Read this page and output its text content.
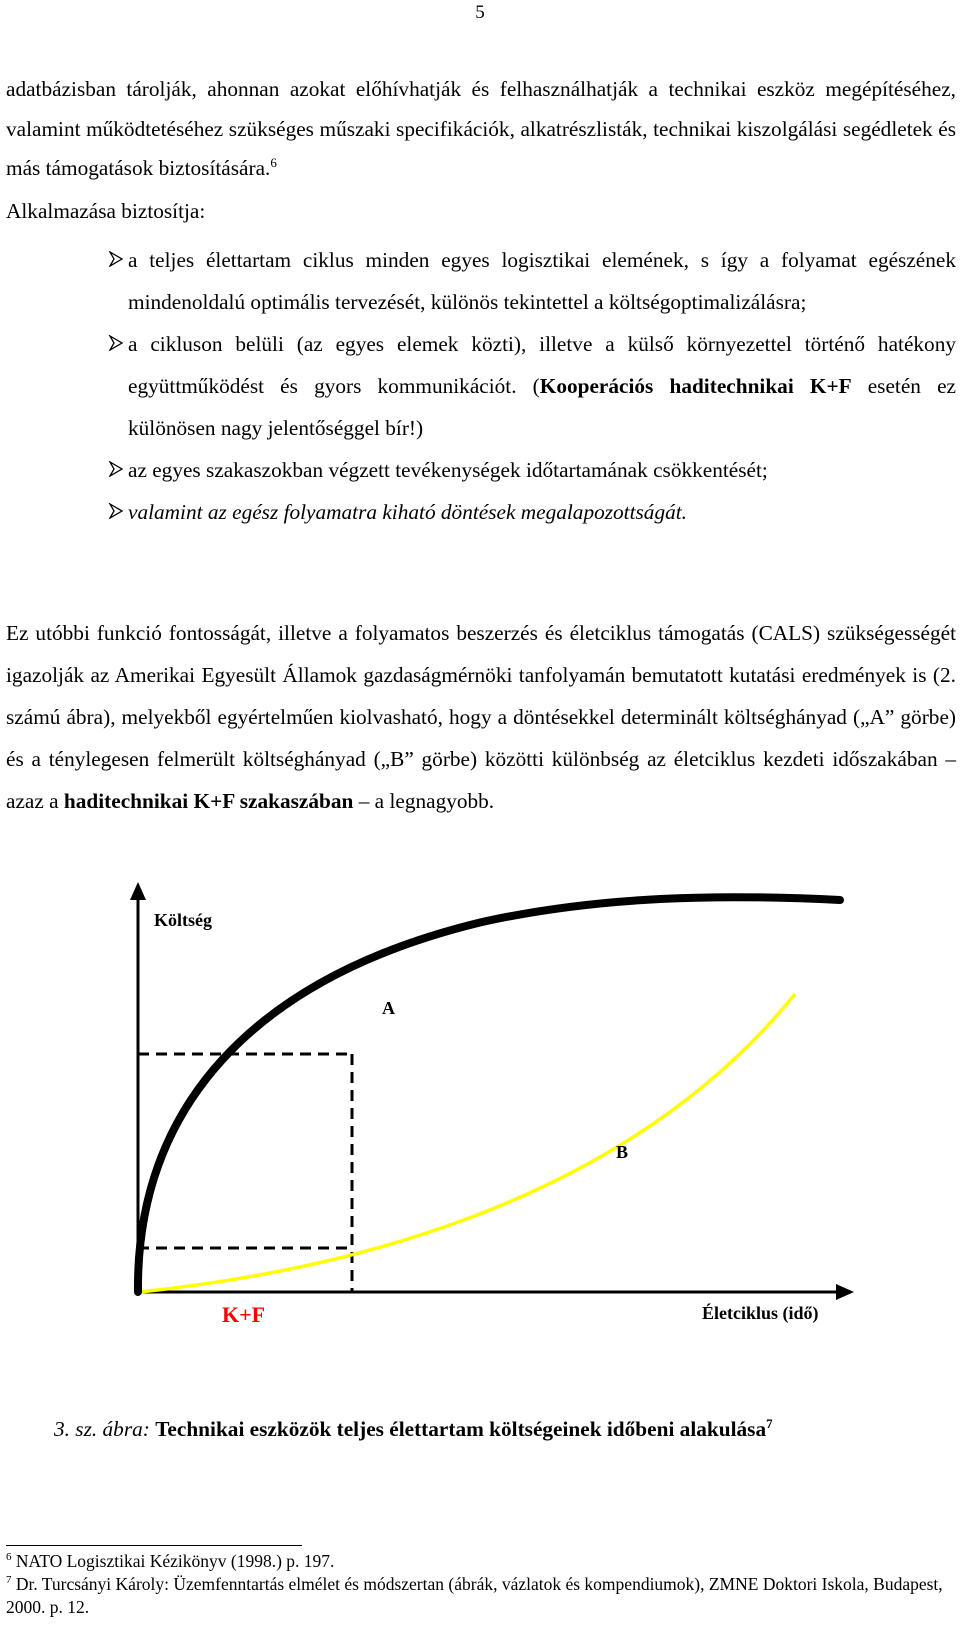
5

adatbázisban tárolják, ahonnan azokat előhívhatják és felhasználhatják a technikai eszköz megépítéséhez, valamint működtetéséhez szükséges műszaki specifikációk, alkatrészlisták, technikai kiszolgálási segédletek és más támogatások biztosítására.$^6$

Alkalmazása biztosítja:
a teljes élettartam ciklus minden egyes logisztikai elemének, s így a folyamat egészének mindenoldalú optimális tervezését, különös tekintettel a költségoptimalizálásra;
a cikluson belüli (az egyes elemek közti), illetve a külső környezettel történő hatékony együttműködést és gyors kommunikációt. (Kooperációs haditechnikai K+F esetén ez különösen nagy jelentőséggel bír!)
az egyes szakaszokban végzett tevékenységek időtartamának csökkentését;
valamint az egész folyamatra kiható döntések megalapozottságát.

Ez utóbbi funkció fontosságát, illetve a folyamatos beszerzés és életciklus támogatás (CALS) szükségességét igazolják az Amerikai Egyesült Államok gazdaságmérnöki tanfolyamán bemutatott kutatási eredmények is (2. számú ábra), melyekből egyértelműen kiolvasható, hogy a döntésekkel determinált költséghányad („A” görbe) és a ténylegesen felmerült költséghányad („B” görbe) közötti különbség az életciklus kezdeti időszakában – azaz a haditechnikai K+F szakaszában – a legnagyobb.

Költség
A
B
K+F	Életciklus (idő)
3. sz. ábra: Technikai eszközök teljes élettartam költségeinek időbeni alakulása$^7$

$^6$ NATO Logisztikai Kézikönyv (1998.) p. 197.

$^7$ Dr. Turcsányi Károly: Üzemfenntartás elmélet és módszertan (ábrák, vázlatok és kompendiumok), ZMNE Doktori Iskola, Budapest, 2000. p. 12.
